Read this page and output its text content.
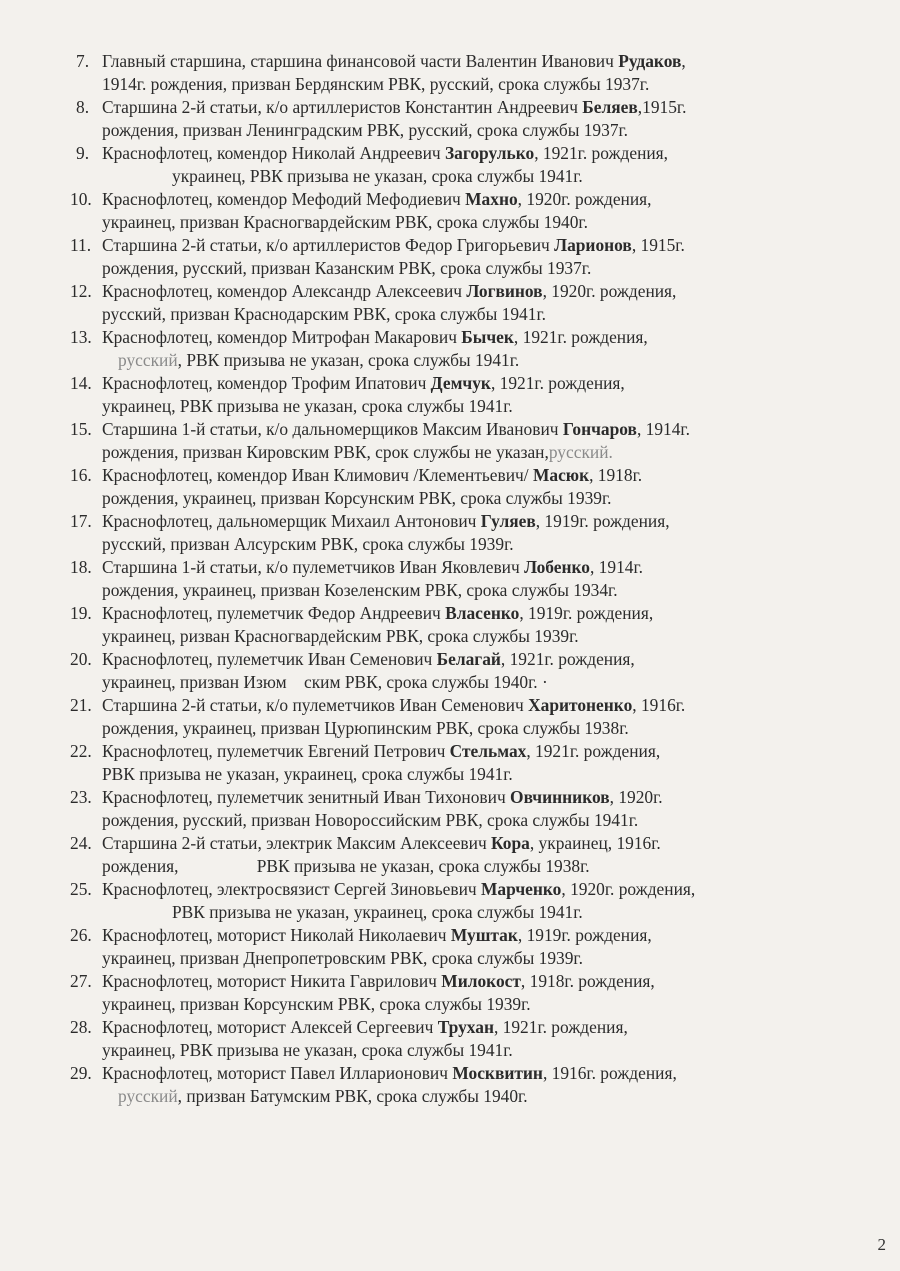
7. Главный старшина, старшина финансовой части Валентин Иванович Рудаков,
1914г. рождения, призван Бердянским РВК, русский, срока службы 1937г.
8. Старшина 2-й статьи, к/о артиллеристов Константин Андреевич Беляев,1915г.
рождения, призван Ленинградским РВК, русский, срока службы 1937г.
9. Краснофлотец, комендор Николай Андреевич Загорулько, 1921г. рождения,
украинец, РВК призыва не указан, срока службы 1941г.
10. Краснофлотец, комендор Мефодий Мефодиевич Махно, 1920г. рождения,
украинец, призван Красногвардейским РВК, срока службы 1940г.
11. Старшина 2-й статьи, к/о артиллеристов Федор Григорьевич Ларионов, 1915г.
рождения, русский, призван Казанским РВК, срока службы 1937г.
12. Краснофлотец, комендор Александр Алексеевич Логвинов, 1920г. рождения,
русский, призван Краснодарским РВК, срока службы 1941г.
13. Краснофлотец, комендор Митрофан Макарович Бычек, 1921г. рождения,
русский, РВК призыва не указан, срока службы 1941г.
14. Краснофлотец, комендор Трофим Ипатович Демчук, 1921г. рождения,
украинец, РВК призыва не указан, срока службы 1941г.
15. Старшина 1-й статьи, к/о дальномерщиков Максим Иванович Гончаров, 1914г.
рождения, призван Кировским РВК, срок службы не указан,русский.
16. Краснофлотец, комендор Иван Климович /Клементьевич/ Масюк, 1918г.
рождения, украинец, призван Корсунским РВК, срока службы 1939г.
17. Краснофлотец, дальномерщик Михаил Антонович Гуляев, 1919г. рождения,
русский, призван Алсурским РВК, срока службы 1939г.
18. Старшина 1-й статьи, к/о пулеметчиков Иван Яковлевич Лобенко, 1914г.
рождения, украинец, призван Козеленским РВК, срока службы 1934г.
19. Краснофлотец, пулеметчик Федор Андреевич Власенко, 1919г. рождения,
украинец, ризван Красногвардейским РВК, срока службы 1939г.
20. Краснофлотец, пулеметчик Иван Семенович Белагай, 1921г. рождения,
украинец, призван Изюм    ским РВК, срока службы 1940г. ·
21. Старшина 2-й статьи, к/о пулеметчиков Иван Семенович Харитоненко, 1916г.
рождения, украинец, призван Цурюпинским РВК, срока службы 1938г.
22. Краснофлотец, пулеметчик Евгений Петрович Стельмах, 1921г. рождения,
РВК призыва не указан, украинец, срока службы 1941г.
23. Краснофлотец, пулеметчик зенитный Иван Тихонович Овчинников, 1920г.
рождения, русский, призван Новороссийским РВК, срока службы 1941г.
24. Старшина 2-й статьи, электрик Максим Алексеевич Кора, украинец, 1916г.
рождения,                  РВК призыва не указан, срока службы 1938г.
25. Краснофлотец, электросвязист Сергей Зиновьевич Марченко, 1920г. рождения,
РВК призыва не указан, украинец, срока службы 1941г.
26. Краснофлотец, моторист Николай Николаевич Муштак, 1919г. рождения,
украинец, призван Днепропетровским РВК, срока службы 1939г.
27. Краснофлотец, моторист Никита Гаврилович Милокост, 1918г. рождения,
украинец, призван Корсунским РВК, срока службы 1939г.
28. Краснофлотец, моторист Алексей Сергеевич Трухан, 1921г. рождения,
украинец, РВК призыва не указан, срока службы 1941г.
29. Краснофлотец, моторист Павел Илларионович Москвитин, 1916г. рождения,
русский, призван Батумским РВК, срока службы 1940г.
2
